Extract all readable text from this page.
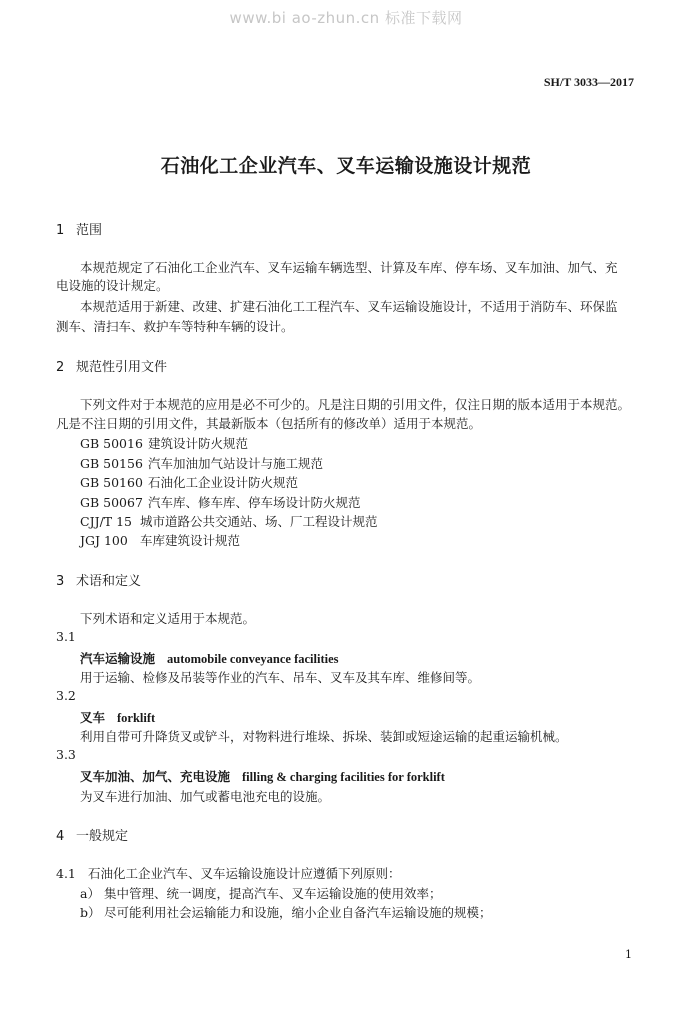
www.bi ao-zhun.cn 标准下载网
SH/T 3033—2017
石油化工企业汽车、叉车运输设施设计规范
1 范围
本规范规定了石油化工企业汽车、叉车运输车辆选型、计算及车库、停车场、叉车加油、加气、充
电设施的设计规定。
本规范适用于新建、改建、扩建石油化工工程汽车、叉车运输设施设计，不适用于消防车、环保监
测车、清扫车、救护车等特种车辆的设计。
2 规范性引用文件
下列文件对于本规范的应用是必不可少的。凡是注日期的引用文件，仅注日期的版本适用于本规范。
凡是不注日期的引用文件，其最新版本（包括所有的修改单）适用于本规范。
GB 50016 建筑设计防火规范
GB 50156 汽车加油加气站设计与施工规范
GB 50160 石油化工企业设计防火规范
GB 50067 汽车库、修车库、停车场设计防火规范
CJJ/T 15 城市道路公共交通站、场、厂工程设计规范
JGJ 100 车库建筑设计规范
3 术语和定义
下列术语和定义适用于本规范。
3.1
汽车运输设施 automobile conveyance facilities
用于运输、检修及吊装等作业的汽车、吊车、叉车及其车库、维修间等。
3.2
叉车 forklift
利用自带可升降货叉或铲斗，对物料进行堆垛、拆垛、装卸或短途运输的起重运输机械。
3.3
叉车加油、加气、充电设施 filling & charging facilities for forklift
为叉车进行加油、加气或蓄电池充电的设施。
4 一般规定
4.1 石油化工企业汽车、叉车运输设施设计应遵循下列原则：
a） 集中管理、统一调度，提高汽车、叉车运输设施的使用效率；
b） 尽可能利用社会运输能力和设施，缩小企业自备汽车运输设施的规模；
1
